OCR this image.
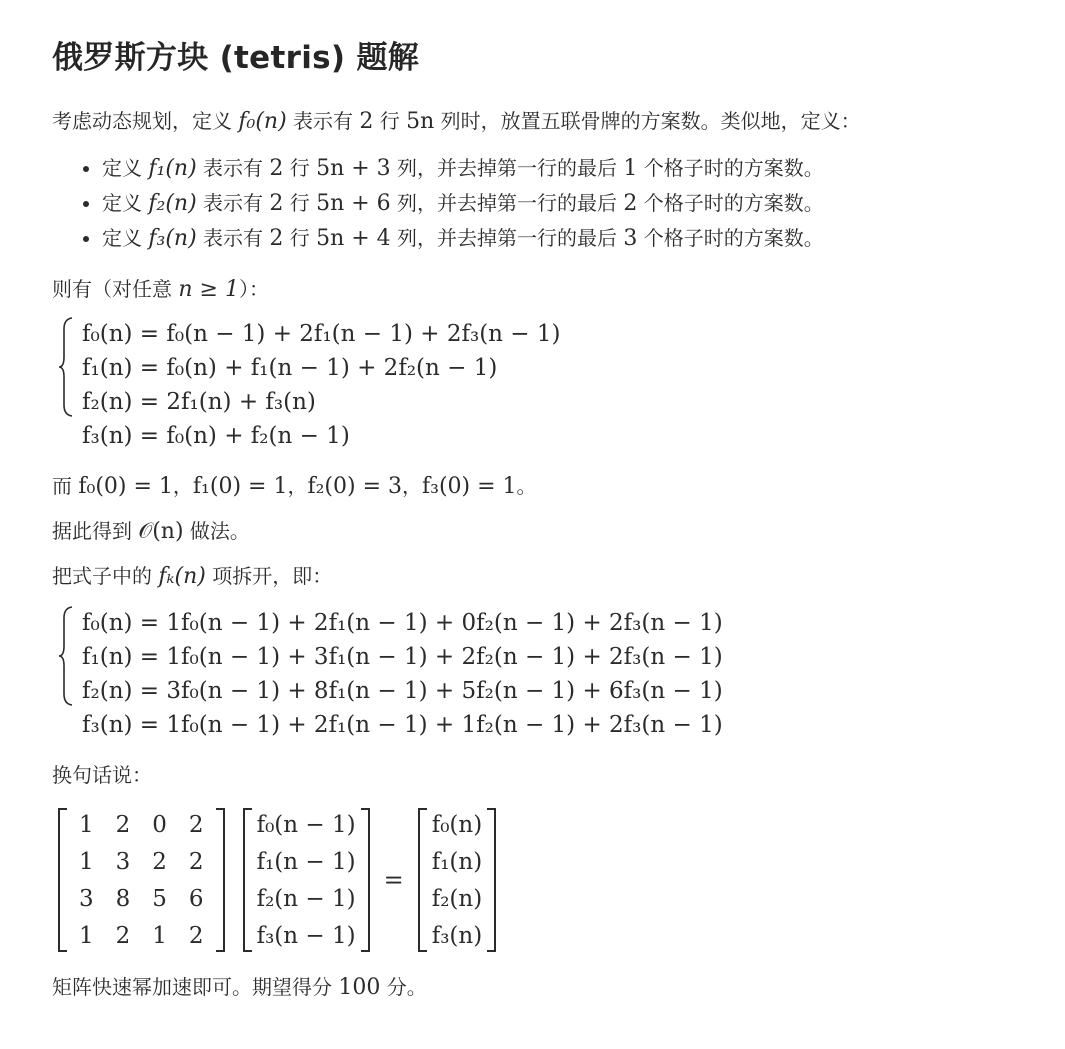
俄罗斯方块 (tetris) 题解

考虑动态规划，定义 f₀(n) 表示有 2 行 5n 列时，放置五联骨牌的方案数。类似地，定义：

• 定义 f₁(n) 表示有 2 行 5n + 3 列，并去掉第一行的最后 1 个格子时的方案数。
• 定义 f₂(n) 表示有 2 行 5n + 6 列，并去掉第一行的最后 2 个格子时的方案数。
• 定义 f₃(n) 表示有 2 行 5n + 4 列，并去掉第一行的最后 3 个格子时的方案数。

则有（对任意 n ≥ 1）：

f₀(n) = f₀(n − 1) + 2f₁(n − 1) + 2f₃(n − 1)
f₁(n) = f₀(n) + f₁(n − 1) + 2f₂(n − 1)
f₂(n) = 2f₁(n) + f₃(n)
f₃(n) = f₀(n) + f₂(n − 1)

而 f₀(0) = 1，f₁(0) = 1，f₂(0) = 3，f₃(0) = 1。

据此得到 𝒪(n) 做法。

把式子中的 fₖ(n) 项拆开，即：

f₀(n) = 1f₀(n − 1) + 2f₁(n − 1) + 0f₂(n − 1) + 2f₃(n − 1)
f₁(n) = 1f₀(n − 1) + 3f₁(n − 1) + 2f₂(n − 1) + 2f₃(n − 1)
f₂(n) = 3f₀(n − 1) + 8f₁(n − 1) + 5f₂(n − 1) + 6f₃(n − 1)
f₃(n) = 1f₀(n − 1) + 2f₁(n − 1) + 1f₂(n − 1) + 2f₃(n − 1)

换句话说：

1	2	0	2
1	3	2	2
3	8	5	6
1	2	1	2
f₀(n − 1)
f₁(n − 1)
f₂(n − 1)
f₃(n − 1)
=
f₀(n)
f₁(n)
f₂(n)
f₃(n)

矩阵快速幂加速即可。期望得分 100 分。
